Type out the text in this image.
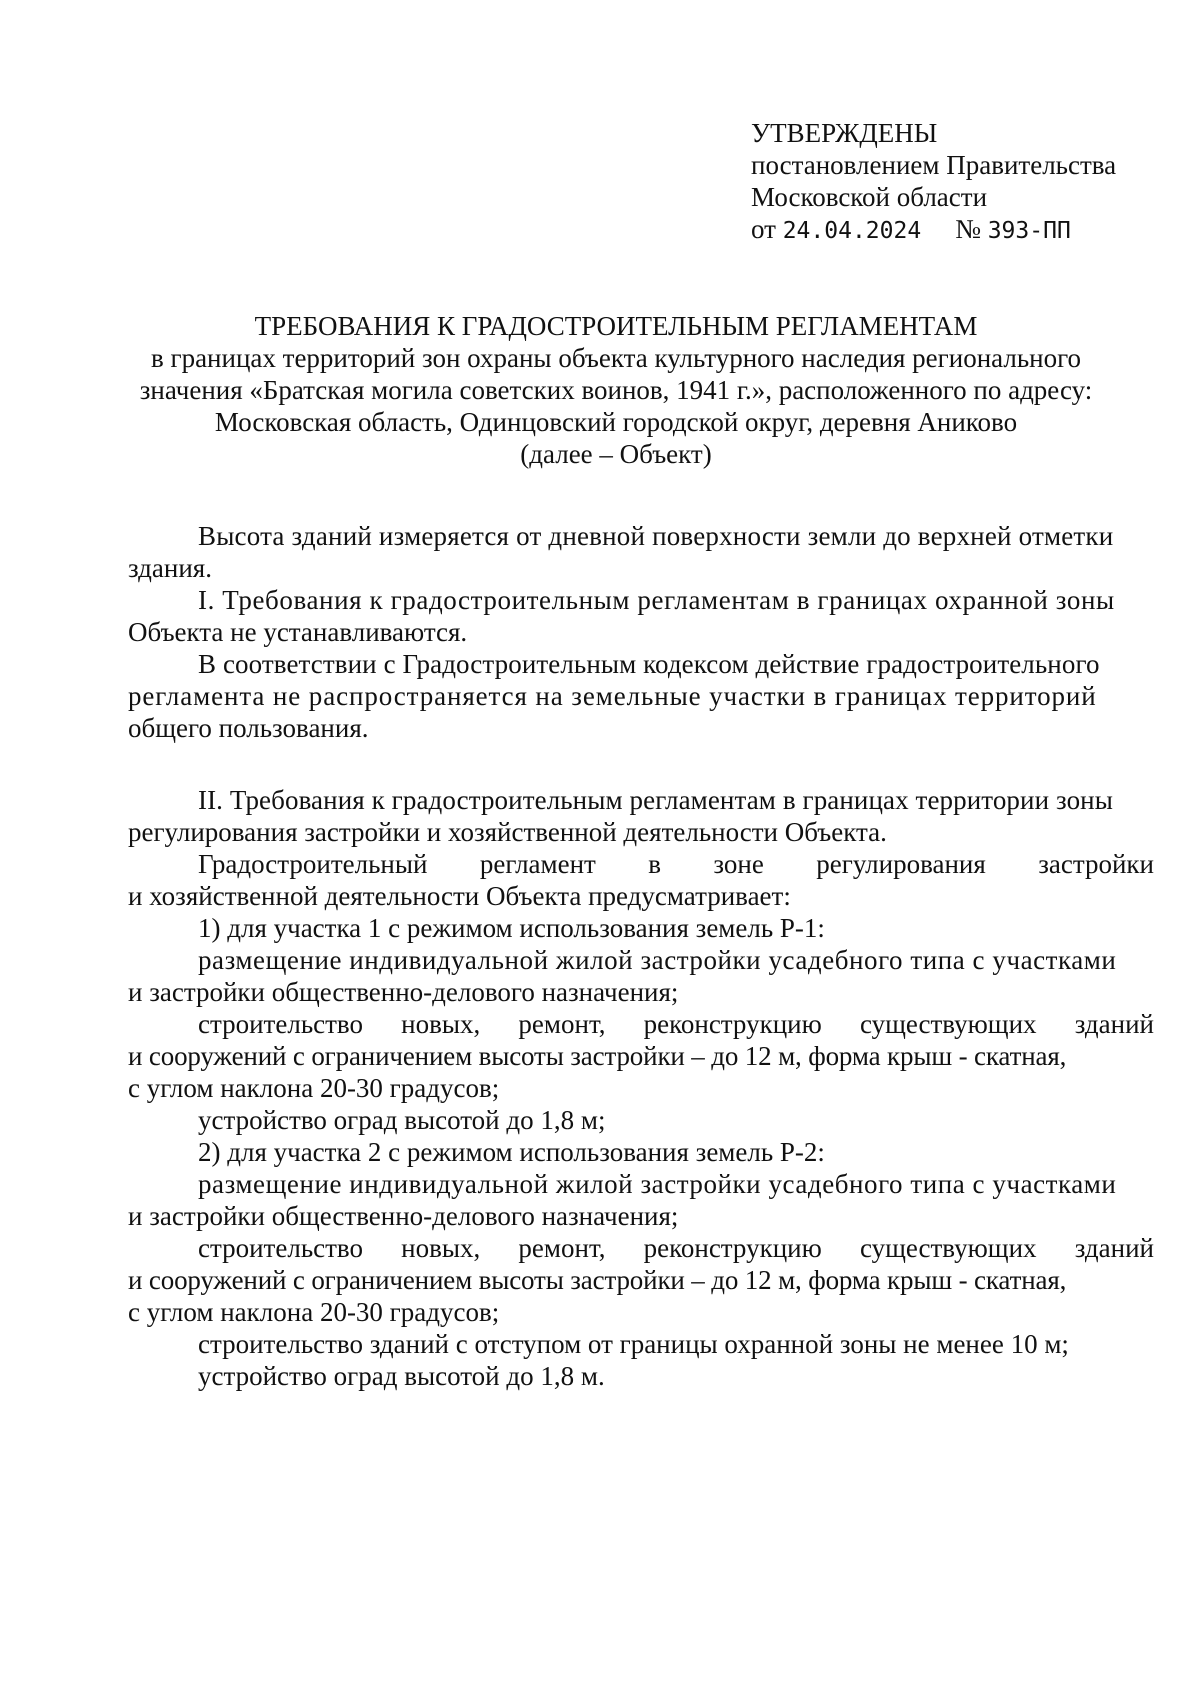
УТВЕРЖДЕНЫ
постановлением Правительства
Московской области
от 24.04.2024 № 393-ПП
ТРЕБОВАНИЯ К ГРАДОСТРОИТЕЛЬНЫМ РЕГЛАМЕНТАМ
в границах территорий зон охраны объекта культурного наследия регионального
значения «Братская могила советских воинов, 1941 г.», расположенного по адресу:
Московская область, Одинцовский городской округ, деревня Аниково
(далее – Объект)
Высота зданий измеряется от дневной поверхности земли до верхней отметки
здания.
I. Требования к градостроительным регламентам в границах охранной зоны
Объекта не устанавливаются.
В соответствии с Градостроительным кодексом действие градостроительного
регламента не распространяется на земельные участки в границах территорий
общего пользования.
II. Требования к градостроительным регламентам в границах территории зоны
регулирования застройки и хозяйственной деятельности Объекта.
Градостроительный регламент в зоне регулирования застройки
и хозяйственной деятельности Объекта предусматривает:
1) для участка 1 с режимом использования земель Р-1:
размещение индивидуальной жилой застройки усадебного типа с участками
и застройки общественно-делового назначения;
строительство новых, ремонт, реконструкцию существующих зданий
и сооружений с ограничением высоты застройки – до 12 м, форма крыш - скатная,
с углом наклона 20-30 градусов;
устройство оград высотой до 1,8 м;
2) для участка 2 с режимом использования земель Р-2:
размещение индивидуальной жилой застройки усадебного типа с участками
и застройки общественно-делового назначения;
строительство новых, ремонт, реконструкцию существующих зданий
и сооружений с ограничением высоты застройки – до 12 м, форма крыш - скатная,
с углом наклона 20-30 градусов;
строительство зданий с отступом от границы охранной зоны не менее 10 м;
устройство оград высотой до 1,8 м.
